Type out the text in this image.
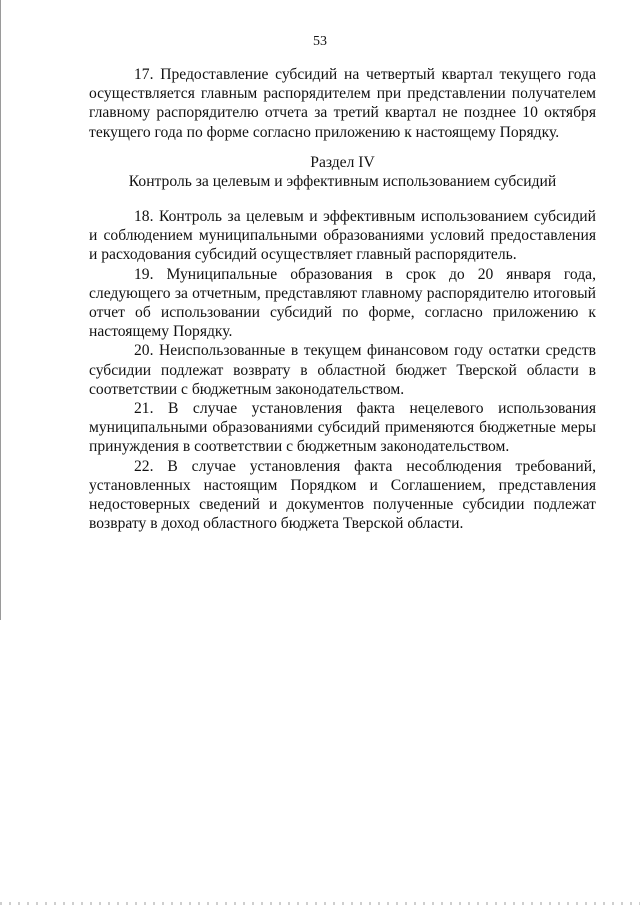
53

17. Предоставление субсидий на четвертый квартал текущего года осуществляется главным распорядителем при представлении получателем главному распорядителю отчета за третий квартал не позднее 10 октября текущего года по форме согласно приложению к настоящему Порядку.

Раздел IV
Контроль за целевым и эффективным использованием субсидий

18. Контроль за целевым и эффективным использованием субсидий и соблюдением муниципальными образованиями условий предоставления и расходования субсидий осуществляет главный распорядитель.

19. Муниципальные образования в срок до 20 января года, следующего за отчетным, представляют главному распорядителю итоговый отчет об использовании субсидий по форме, согласно приложению к настоящему Порядку.

20. Неиспользованные в текущем финансовом году остатки средств субсидии подлежат возврату в областной бюджет Тверской области в соответствии с бюджетным законодательством.

21. В случае установления факта нецелевого использования муниципальными образованиями субсидий применяются бюджетные меры принуждения в соответствии с бюджетным законодательством.

22. В случае установления факта несоблюдения требований, установленных настоящим Порядком и Соглашением, представления недостоверных сведений и документов полученные субсидии подлежат возврату в доход областного бюджета Тверской области.
